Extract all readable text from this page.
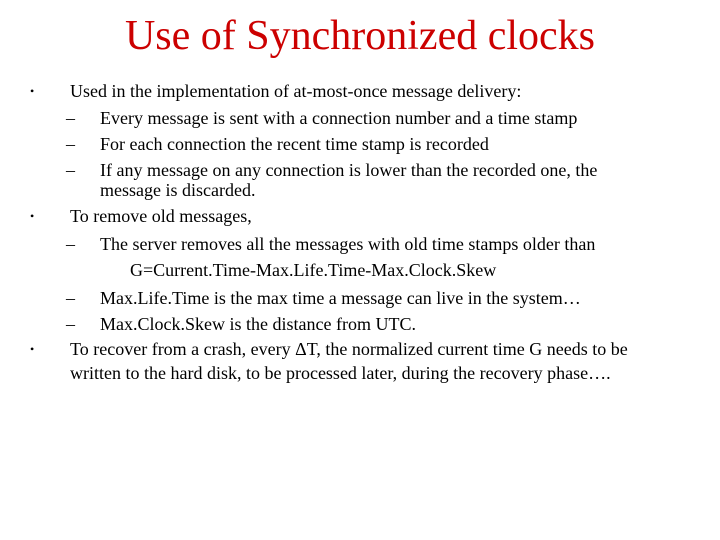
Use of Synchronized clocks
• Used in the implementation of at-most-once message delivery:
– Every message is sent with a connection number and a time stamp
– For each connection the recent time stamp is recorded
– If any message on any connection is lower than the recorded one, the
message is discarded.
• To remove old messages,
– The server removes all the messages with old time stamps older than
G=Current.Time-Max.Life.Time-Max.Clock.Skew
– Max.Life.Time is the max time a message can live in the system…
– Max.Clock.Skew is the distance from UTC.
• To recover from a crash, every ΔT, the normalized current time G needs to be
written to the hard disk, to be processed later, during the recovery phase….
